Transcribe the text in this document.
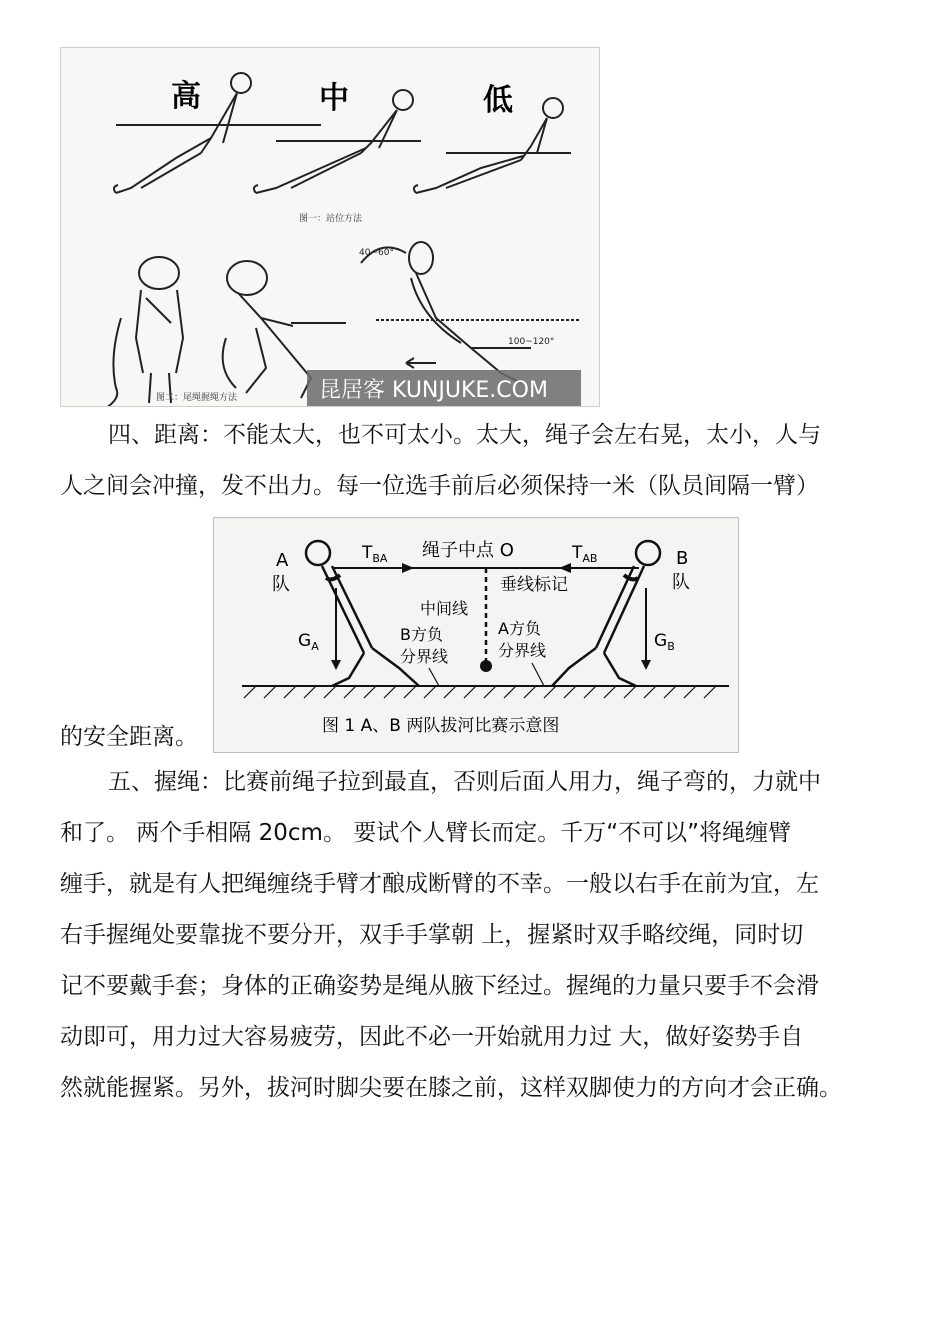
高	中	低
图一：站位方法
图二：尾绳握绳方法
40~60°
100~120°
昆居客 KUNJUKE.COM

四、距离：不能太大，也不可太小。太大，绳子会左右晃，太小，人与
人之间会冲撞，发不出力。每一位选手前后必须保持一米（队员间隔一臂）

$T_{BA}$ 绳子中点 O	$T_{AB}$
A
队
B
队
$G_A$	$G_B$
垂线标记
中间线
B方负
分界线
A方负
分界线
图 1 A、B 两队拔河比赛示意图

的安全距离。

五、握绳：比赛前绳子拉到最直，否则后面人用力，绳子弯的，力就中
和了。 两个手相隔 20cm。 要试个人臂长而定。千万“不可以”将绳缠臂
缠手，就是有人把绳缠绕手臂才酿成断臂的不幸。一般以右手在前为宜，左
右手握绳处要靠拢不要分开，双手手掌朝 上，握紧时双手略绞绳，同时切
记不要戴手套；身体的正确姿势是绳从腋下经过。握绳的力量只要手不会滑
动即可，用力过大容易疲劳，因此不必一开始就用力过 大，做好姿势手自
然就能握紧。另外，拔河时脚尖要在膝之前，这样双脚使力的方向才会正确。
